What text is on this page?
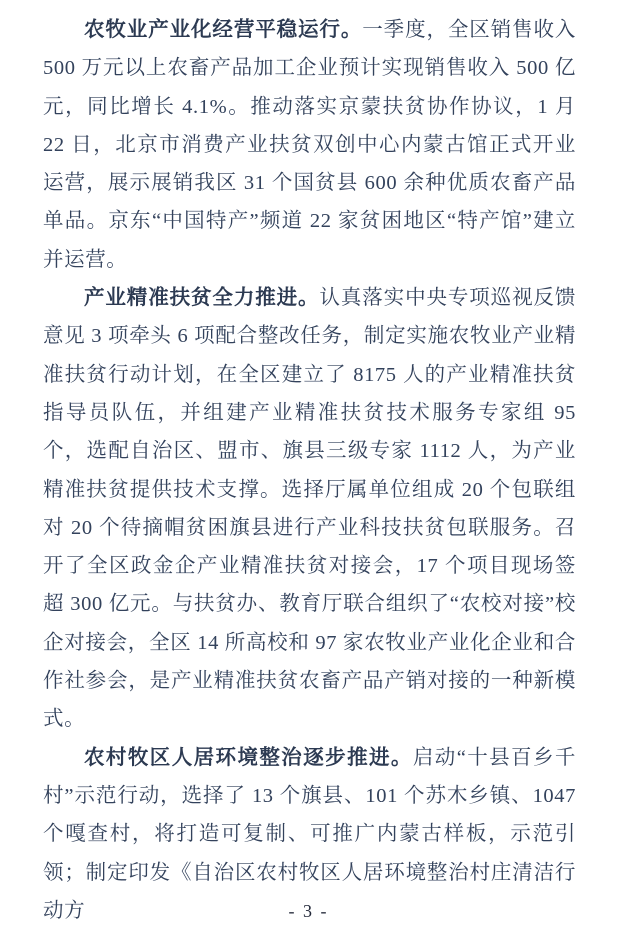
农牧业产业化经营平稳运行。一季度，全区销售收入 500 万元以上农畜产品加工企业预计实现销售收入 500 亿元，同比增长 4.1%。推动落实京蒙扶贫协作协议，1 月 22 日，北京市消费产业扶贫双创中心内蒙古馆正式开业运营，展示展销我区 31 个国贫县 600 余种优质农畜产品单品。京东“中国特产”频道 22 家贫困地区“特产馆”建立并运营。

产业精准扶贫全力推进。认真落实中央专项巡视反馈意见 3 项牵头 6 项配合整改任务，制定实施农牧业产业精准扶贫行动计划，在全区建立了 8175 人的产业精准扶贫指导员队伍，并组建产业精准扶贫技术服务专家组 95 个，选配自治区、盟市、旗县三级专家 1112 人，为产业精准扶贫提供技术支撑。选择厅属单位组成 20 个包联组对 20 个待摘帽贫困旗县进行产业科技扶贫包联服务。召开了全区政金企产业精准扶贫对接会，17 个项目现场签超 300 亿元。与扶贫办、教育厅联合组织了“农校对接”校企对接会，全区 14 所高校和 97 家农牧业产业化企业和合作社参会，是产业精准扶贫农畜产品产销对接的一种新模式。

农村牧区人居环境整治逐步推进。启动“十县百乡千村”示范行动，选择了 13 个旗县、101 个苏木乡镇、1047 个嘎查村，将打造可复制、可推广内蒙古样板，示范引领；制定印发《自治区农村牧区人居环境整治村庄清洁行动方	- 3 -
